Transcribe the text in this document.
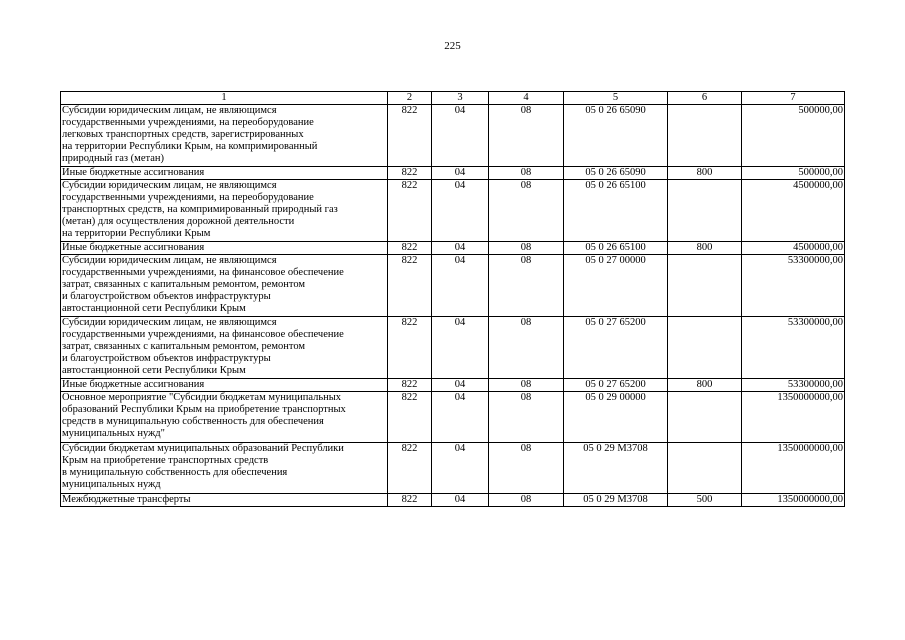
225
1	2	3	4	5	6	7
Субсидии юридическим лицам, не являющимся
государственными учреждениями, на переоборудование
легковых транспортных средств, зарегистрированных
на территории Республики Крым, на компримированный
природный газ (метан)	822	04	08	05 0 26 65090		500000,00
Иные бюджетные ассигнования	822	04	08	05 0 26 65090	800	500000,00
Субсидии юридическим лицам, не являющимся
государственными учреждениями, на переоборудование
транспортных средств, на компримированный природный газ
(метан) для осуществления дорожной деятельности
на территории Республики Крым	822	04	08	05 0 26 65100		4500000,00
Иные бюджетные ассигнования	822	04	08	05 0 26 65100	800	4500000,00
Субсидии юридическим лицам, не являющимся
государственными учреждениями, на финансовое обеспечение
затрат, связанных с капитальным ремонтом, ремонтом
и благоустройством объектов инфраструктуры
автостанционной сети Республики Крым	822	04	08	05 0 27 00000		53300000,00
Субсидии юридическим лицам, не являющимся
государственными учреждениями, на финансовое обеспечение
затрат, связанных с капитальным ремонтом, ремонтом
и благоустройством объектов инфраструктуры
автостанционной сети Республики Крым	822	04	08	05 0 27 65200		53300000,00
Иные бюджетные ассигнования	822	04	08	05 0 27 65200	800	53300000,00
Основное мероприятие "Субсидии бюджетам муниципальных
образований Республики Крым на приобретение транспортных
средств в муниципальную собственность для обеспечения
муниципальных нужд"	822	04	08	05 0 29 00000		1350000000,00
Субсидии бюджетам муниципальных образований Республики
Крым на приобретение транспортных средств
в муниципальную собственность для обеспечения
муниципальных нужд	822	04	08	05 0 29 М3708		1350000000,00
Межбюджетные трансферты	822	04	08	05 0 29 М3708	500	1350000000,00
